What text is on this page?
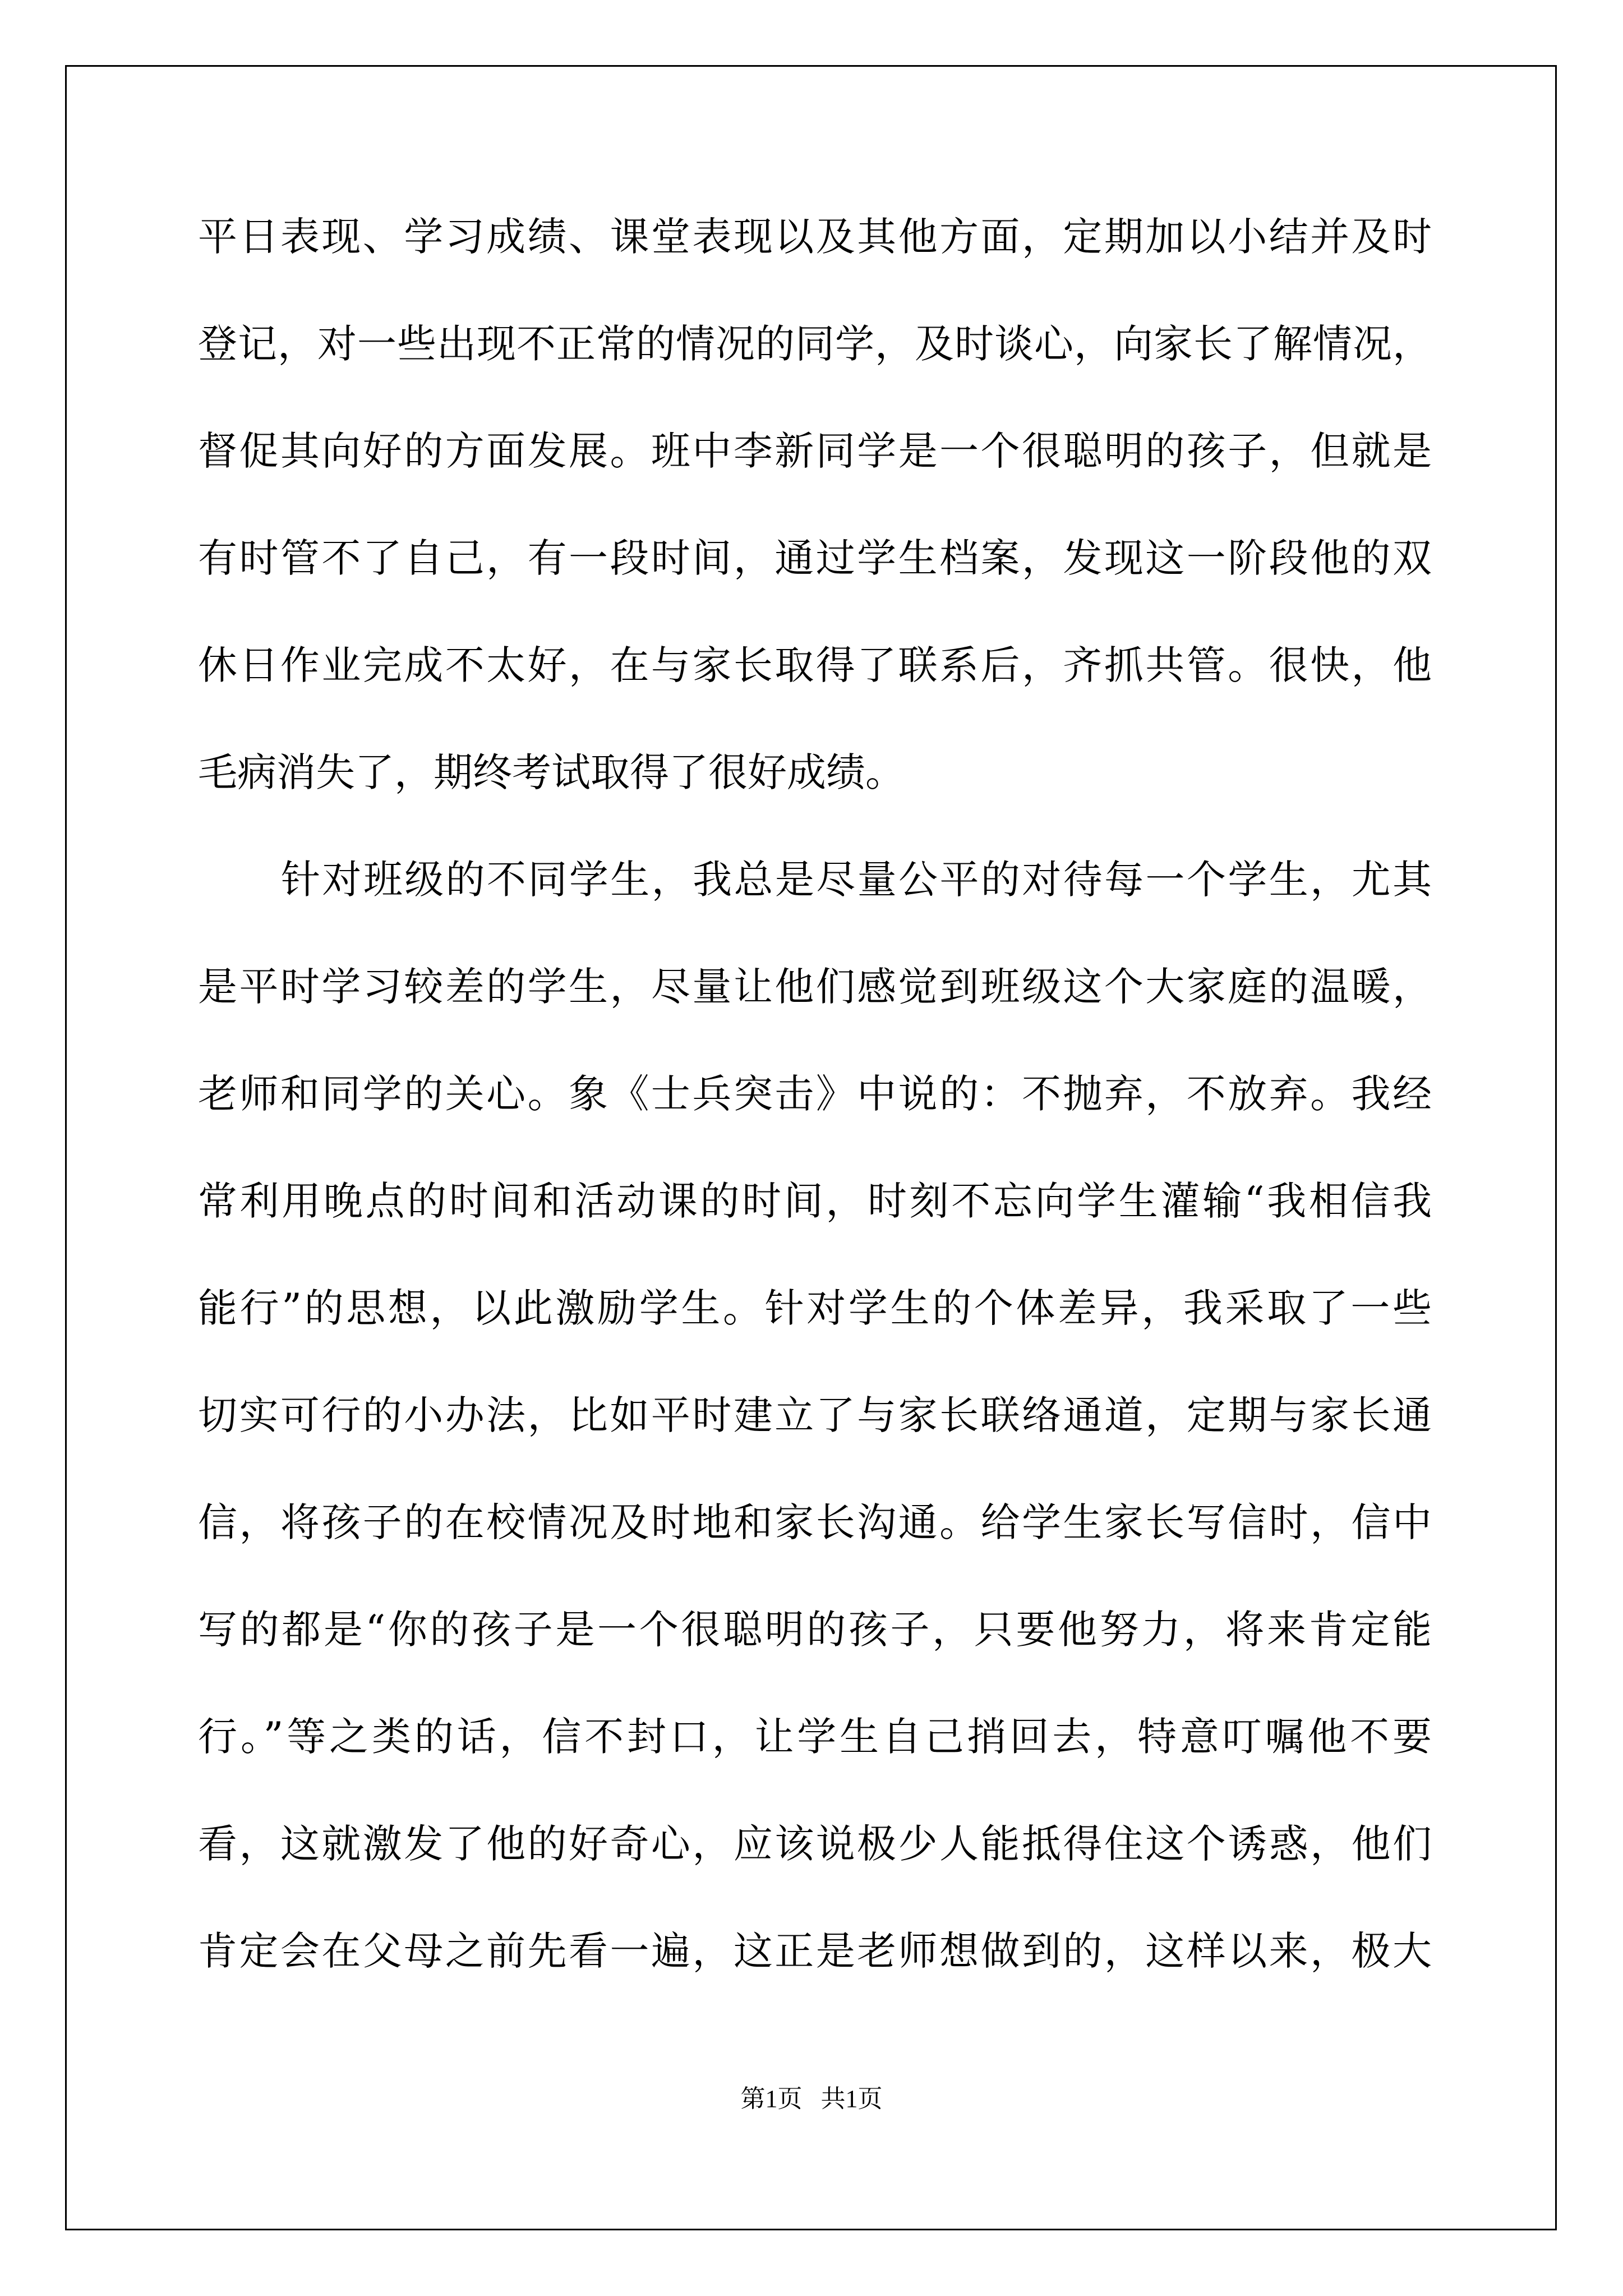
平日表现、学习成绩、课堂表现以及其他方面，定期加以小结并及时
登记，对一些出现不正常的情况的同学，及时谈心，向家长了解情况，
督促其向好的方面发展。班中李新同学是一个很聪明的孩子，但就是
有时管不了自己，有一段时间，通过学生档案，发现这一阶段他的双
休日作业完成不太好，在与家长取得了联系后，齐抓共管。很快，他
毛病消失了，期终考试取得了很好成绩。
针对班级的不同学生，我总是尽量公平的对待每一个学生，尤其
是平时学习较差的学生，尽量让他们感觉到班级这个大家庭的温暖，
老师和同学的关心。象《士兵突击》中说的：不抛弃，不放弃。我经
常利用晚点的时间和活动课的时间，时刻不忘向学生灌输“我相信我
能行”的思想，以此激励学生。针对学生的个体差异，我采取了一些
切实可行的小办法，比如平时建立了与家长联络通道，定期与家长通
信，将孩子的在校情况及时地和家长沟通。给学生家长写信时，信中
写的都是“你的孩子是一个很聪明的孩子，只要他努力，将来肯定能
行。”等之类的话，信不封口，让学生自己捎回去，特意叮嘱他不要
看，这就激发了他的好奇心，应该说极少人能抵得住这个诱惑，他们
肯定会在父母之前先看一遍，这正是老师想做到的，这样以来，极大
第1页   共1页
